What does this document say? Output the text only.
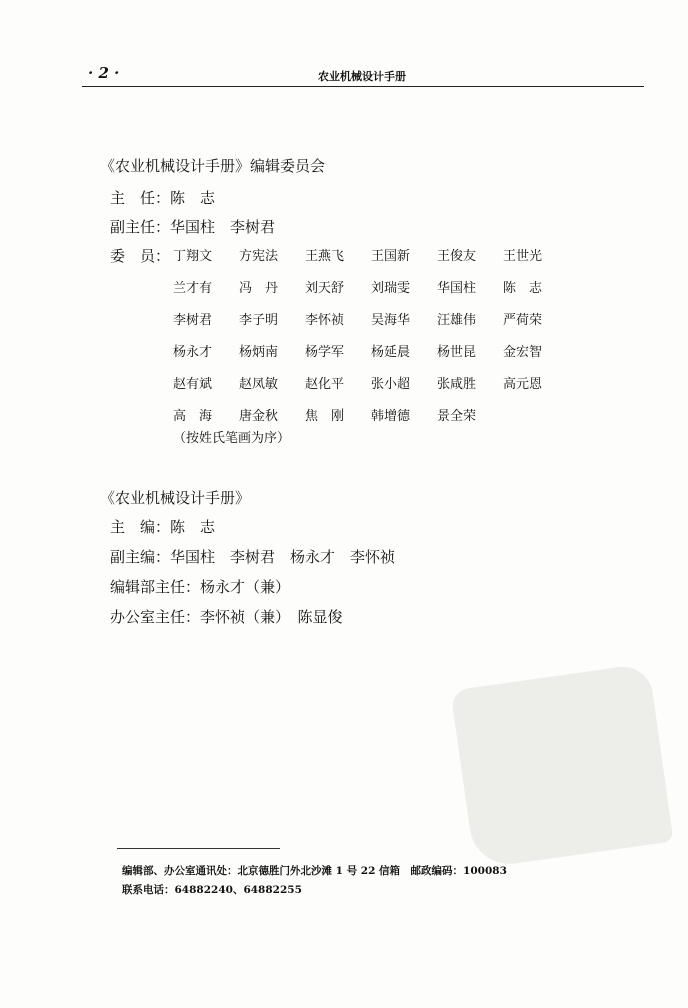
· 2 ·	农业机械设计手册
《农业机械设计手册》编辑委员会
主　任：陈　志
副主任：华国柱　李树君
委　员： 丁翔文	方宪法	王燕飞	王国新	王俊友	王世光
兰才有	冯　丹	刘天舒	刘瑞雯	华国柱	陈　志
李树君	李子明	李怀祯	吴海华	汪雄伟	严荷荣
杨永才	杨炳南	杨学军	杨延晨	杨世昆	金宏智
赵有斌	赵凤敏	赵化平	张小超	张咸胜	高元恩
高　海	唐金秋	焦　刚	韩增德	景全荣
（按姓氏笔画为序）
《农业机械设计手册》
主　编：陈　志
副主编：华国柱　李树君　杨永才　李怀祯
编辑部主任：杨永才（兼）
办公室主任：李怀祯（兼）　陈显俊
编辑部、办公室通讯处：北京德胜门外北沙滩 1 号 22 信箱　邮政编码：100083
联系电话：64882240、64882255
